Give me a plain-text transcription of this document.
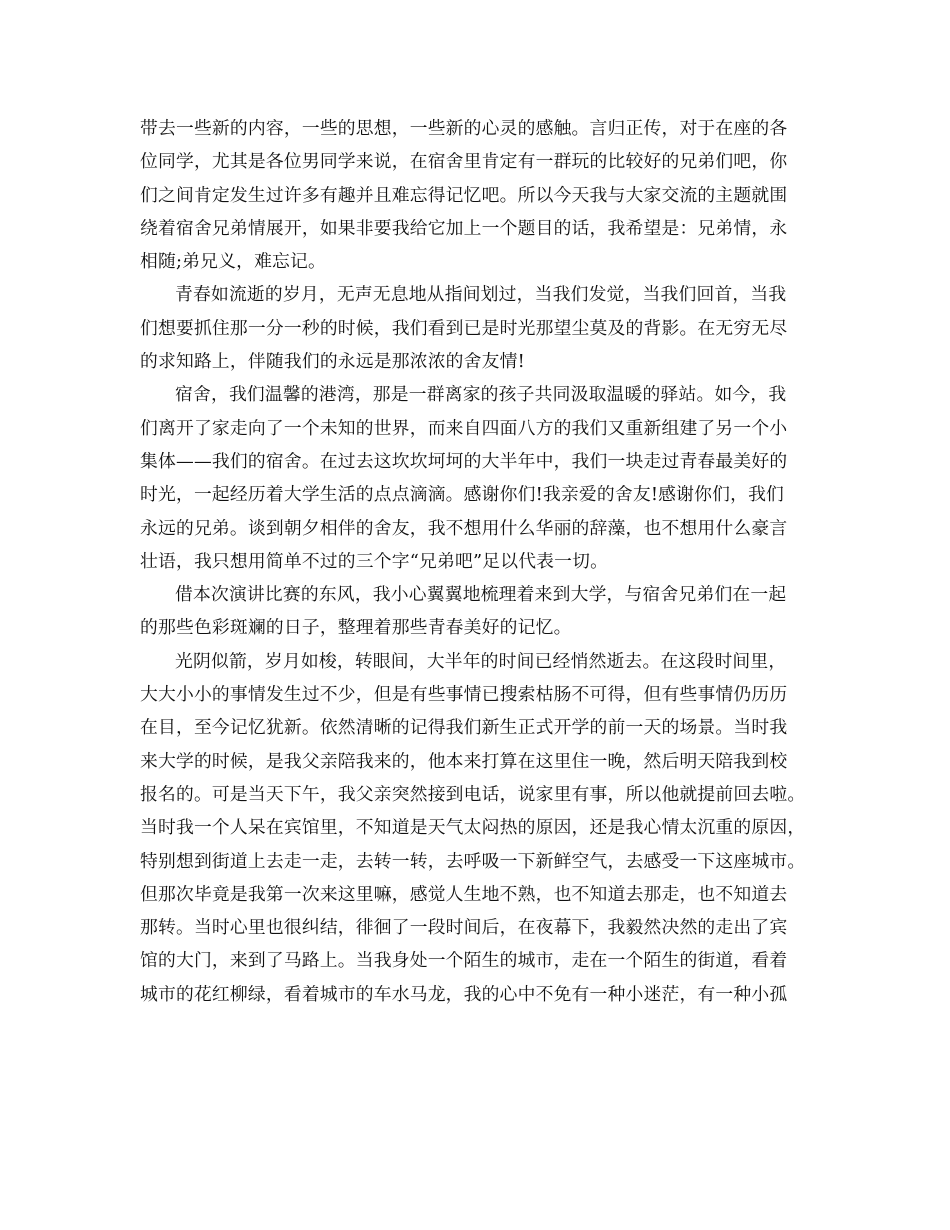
带去一些新的内容，一些的思想，一些新的心灵的感触。言归正传，对于在座的各
位同学，尤其是各位男同学来说，在宿舍里肯定有一群玩的比较好的兄弟们吧，你
们之间肯定发生过许多有趣并且难忘得记忆吧。所以今天我与大家交流的主题就围
绕着宿舍兄弟情展开，如果非要我给它加上一个题目的话，我希望是：兄弟情，永
相随;弟兄义，难忘记。
青春如流逝的岁月，无声无息地从指间划过，当我们发觉，当我们回首，当我
们想要抓住那一分一秒的时候，我们看到已是时光那望尘莫及的背影。在无穷无尽
的求知路上，伴随我们的永远是那浓浓的舍友情!
宿舍，我们温馨的港湾，那是一群离家的孩子共同汲取温暖的驿站。如今，我
们离开了家走向了一个未知的世界，而来自四面八方的我们又重新组建了另一个小
集体——我们的宿舍。在过去这坎坎坷坷的大半年中，我们一块走过青春最美好的
时光，一起经历着大学生活的点点滴滴。感谢你们!我亲爱的舍友!感谢你们，我们
永远的兄弟。谈到朝夕相伴的舍友，我不想用什么华丽的辞藻，也不想用什么豪言
壮语，我只想用简单不过的三个字“兄弟吧”足以代表一切。
借本次演讲比赛的东风，我小心翼翼地梳理着来到大学，与宿舍兄弟们在一起
的那些色彩斑斓的日子，整理着那些青春美好的记忆。
光阴似箭，岁月如梭，转眼间，大半年的时间已经悄然逝去。在这段时间里，
大大小小的事情发生过不少，但是有些事情已搜索枯肠不可得，但有些事情仍历历
在目，至今记忆犹新。依然清晰的记得我们新生正式开学的前一天的场景。当时我
来大学的时候，是我父亲陪我来的，他本来打算在这里住一晚，然后明天陪我到校
报名的。可是当天下午，我父亲突然接到电话，说家里有事，所以他就提前回去啦。
当时我一个人呆在宾馆里，不知道是天气太闷热的原因，还是我心情太沉重的原因，
特别想到街道上去走一走，去转一转，去呼吸一下新鲜空气，去感受一下这座城市。
但那次毕竟是我第一次来这里嘛，感觉人生地不熟，也不知道去那走，也不知道去
那转。当时心里也很纠结，徘徊了一段时间后，在夜幕下，我毅然决然的走出了宾
馆的大门，来到了马路上。当我身处一个陌生的城市，走在一个陌生的街道，看着
城市的花红柳绿，看着城市的车水马龙，我的心中不免有一种小迷茫，有一种小孤
